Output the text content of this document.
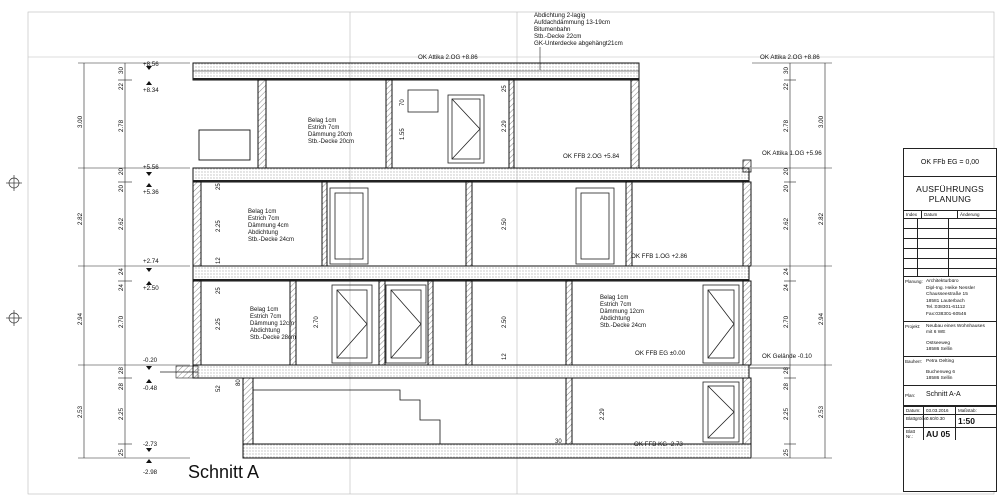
Abdichtung 2-lagig
Aufdachdämmung 13-19cm
Bitumenbahn
Stb.-Decke 22cm
GK-Unterdecke abgehängt21cm
OK Attika 2.OG +8.86	OK Attika 2.OG +8.86
OK Attika 1.OG +5.96
OK FFB 2.OG +5.84
OK FFB 1.OG +2.86
OK FFB EG ±0.00	OK Gelände -0.10
OK FFB KG -2.73
Belag 1cm
Estrich 7cm
Dämmung 20cm
Stb.-Decke 20cm
Belag 1cm
Estrich 7cm
Dämmung 4cm
Abdichtung
Stb.-Decke 24cm
Belag 1cm
Estrich 7cm
Dämmung 12cm
Abdichtung
Stb.-Decke 28cm
Belag 1cm
Estrich 7cm
Dämmung 12cm
Abdichtung
Stb.-Decke 24cm
+8.56
+8.34
+5.56
+5.36
+2.74
+2.50
-0.20
-0.48
-2.73
-2.98
3.00
2.82
2.94
2.53
30
22
2.78
20
20
2.62
24
24
2.70
28
28
2.25
25
3.00
2.82
2.94
2.53
30
22
2.78
20
20
2.62
24
24
2.70
28
28
2.25
25
1.55
70
2.29
25
2.25	2.50
12
25
2.25	2.70	2.50
12
80
52
2.29
30
25
Schnitt A
OK FFb EG = 0,00
AUSFÜHRUNGS
PLANUNG
Index	Datum	Änderung
Planung: Architekturbüro
Dipl-Ing. Heike Nessler
Chausseestraße 15
18581 Lauterbach
Tel.:038301-61112
Fax:038301-60546
Projekt:	Neubau eines Wohnhauses
mit 6 WE
Ostseeweg
18586 Sellin
Bauherr: Petra Oelting
Buchenweg 6
18586 Sellin
Plan:	Schnitt A-A
Datum:	03.03.2016	Maßstab:
Blattgröße:
0.60/0.30	1:50
Blatt Nr.:	AU 05
